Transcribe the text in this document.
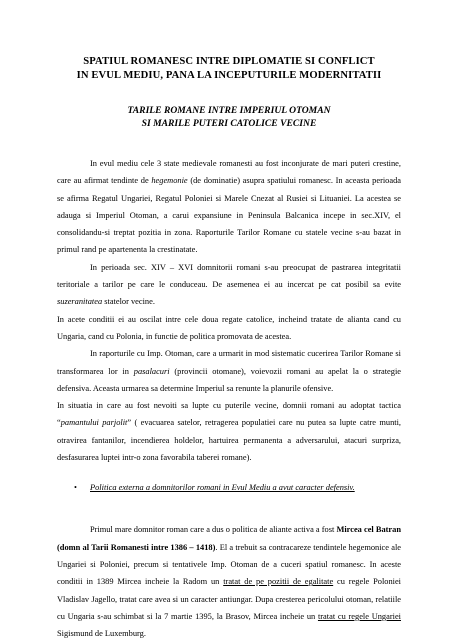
SPATIUL ROMANESC INTRE DIPLOMATIE SI CONFLICT
IN EVUL MEDIU, PANA LA INCEPUTURILE MODERNITATII
TARILE ROMANE INTRE IMPERIUL OTOMAN
SI MARILE PUTERI CATOLICE VECINE

In evul mediu cele 3 state medievale romanesti au fost inconjurate de mari puteri crestine, care au afirmat tendinte de hegemonie (de dominatie) asupra spatiului romanesc. In aceasta perioada se afirma Regatul Ungariei, Regatul Poloniei si Marele Cnezat al Rusiei si Lituaniei. La acestea se adauga si Imperiul Otoman, a carui expansiune in Peninsula Balcanica incepe in sec.XIV, el consolidandu-si treptat pozitia in zona. Raporturile Tarilor Romane cu statele vecine s-au bazat in primul rand pe apartenenta la crestinatate.

In perioada sec. XIV – XVI domnitorii romani s-au preocupat de pastrarea integritatii teritoriale a tarilor pe care le conduceau. De asemenea ei au incercat pe cat posibil sa evite suzeranitatea statelor vecine.

In acete conditii ei au oscilat intre cele doua regate catolice, incheind tratate de alianta cand cu Ungaria, cand cu Polonia, in functie de politica promovata de acestea.

In raporturile cu Imp. Otoman, care a urmarit in mod sistematic cucerirea Tarilor Romane si transformarea lor in pasalacuri (provincii otomane), voievozii romani au apelat la o strategie defensiva. Aceasta urmarea sa determine Imperiul sa renunte la planurile ofensive.

In situatia in care au fost nevoiti sa lupte cu puterile vecine, domnii romani au adoptat tactica “pamantului parjolit” ( evacuarea satelor, retragerea populatiei care nu putea sa lupte catre munti, otravirea fantanilor, incendierea holdelor, hartuirea permanenta a adversarului, atacuri surpriza, desfasurarea luptei intr-o zona favorabila taberei romane).

•	Politica externa a domnitorilor romani in Evul Mediu a avut caracter defensiv.

Primul mare domnitor roman care a dus o politica de aliante activa a fost Mircea cel Batran (domn al Tarii Romanesti intre 1386 – 1418). El a trebuit sa contracareze tendintele hegemonice ale Ungariei si Poloniei, precum si tentativele Imp. Otoman de a cuceri spatiul romanesc. In aceste conditii in 1389 Mircea incheie la Radom un tratat de pe pozitii de egalitate cu regele Poloniei Vladislav Jagello, tratat care avea si un caracter antiungar. Dupa cresterea pericolului otoman, relatiile cu Ungaria s-au schimbat si la 7 martie 1395, la Brasov, Mircea incheie un tratat cu regele Ungariei Sigismund de Luxemburg.
